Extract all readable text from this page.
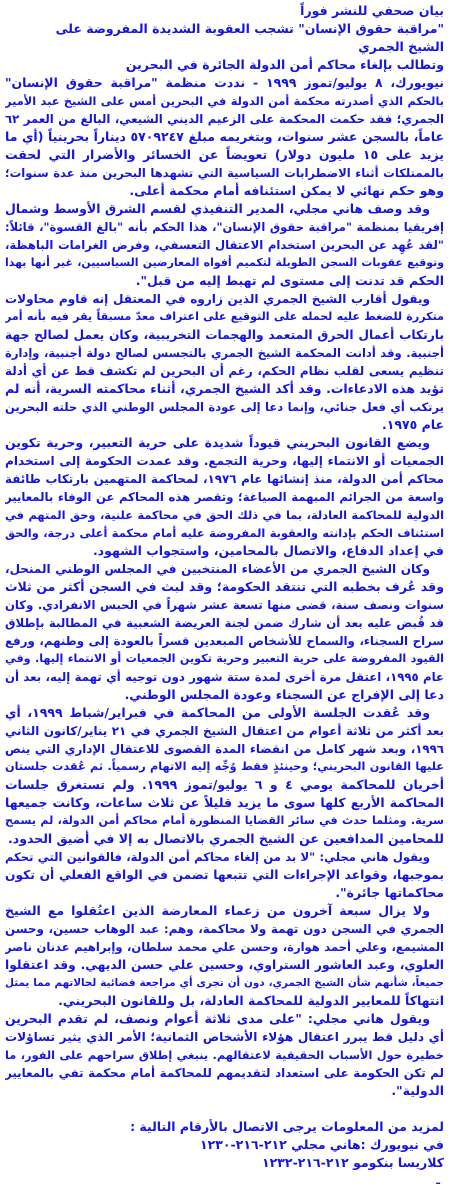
بيان صحفي للنشر فوراً
"مراقبة حقوق الإنسان" تشجب العقوبة الشديدة المفروضة على
الشيخ الجمري
وتطالب بإلغاء محاكم أمن الدولة الجائرة في البحرين
نيويورك، ٨ يوليو/تموز ١٩٩٩ - نددت منظمة "مراقبة حقوق الإنسان"
بالحكم الذي أصدرته محكمة أمن الدولة في البحرين أمس على الشيخ عبد الأمير
الجمري؛ فقد حكمت المحكمة على الزعيم الديني الشيعي، البالغ من العمر ٦٢
عاماً، بالسجن عشر سنوات، وبتغريمه مبلغ ٥٧٠٩٢٤٧ ديناراً بحرينياً (أي ما
يزيد على ١٥ مليون دولار) تعويضاً عن الخسائر والأضرار التي لحقت
بالممتلكات أثناء الاضطرابات السياسية التي تشهدها البحرين منذ عدة سنوات؛
وهو حكم نهائي لا يمكن استئنافه أمام محكمة أعلى.
وقد وصف هاني مجلي، المدير التنفيذي لقسم الشرق الأوسط وشمال
إفريقيا بمنظمة "مراقبة حقوق الإنسان"، هذا الحكم بأنه "بالغ القسوة"، قائلاً:
"لقد عُهِد عن البحرين استخدام الاعتقال التعسفي، وفرض الغرامات الباهظة،
وتوقيع عقوبات السجن الطويلة لتكميم أفواه المعارضين السياسيين، غير أنها بهذا
الحكم قد تدنت إلى مستوى لم تهبط إليه من قبل".
ويقول أقارب الشيخ الجمري الذين زاروه في المعتقل إنه قاوم محاولات
متكررة للضغط عليه لحمله على التوقيع على اعتراف معدّ مسبقاً يقر فيه بأنه أمر
بارتكاب أعمال الحرق المتعمد والهجمات التخريبية، وكان يعمل لصالح جهة
أجنبية. وقد أدانت المحكمة الشيخ الجمري بالتجسس لصالح دولة أجنبية، وإدارة
تنظيم يسعى لقلب نظام الحكم، رغم أن البحرين لم تكشف قط عن أي أدلة
تؤيد هذه الادعاءات. وقد أكد الشيخ الجمري، أثناء محاكمته السرية، أنه لم
يرتكب أي فعل جنائي، وإنما دعا إلى عودة المجلس الوطني الذي حلته البحرين
عام ١٩٧٥.
ويضع القانون البحريني قيوداً شديدة على حرية التعبير، وحرية تكوين
الجمعيات أو الانتماء إليها، وحرية التجمع. وقد عمدت الحكومة إلى استخدام
محاكم أمن الدولة، منذ إنشائها عام ١٩٧٦، لمحاكمة المتهمين بارتكاب طائفة
واسعة من الجرائم المبهمة الصياغة؛ وتقصر هذه المحاكم عن الوفاء بالمعايير
الدولية للمحاكمة العادلة، بما في ذلك الحق في محاكمة علنية، وحق المتهم في
استئناف الحكم بإدانته والعقوبة المفروضة عليه أمام محكمة أعلى درجة، والحق
في إعداد الدفاع، والاتصال بالمحامين، واستجواب الشهود.
وكان الشيخ الجمري من الأعضاء المنتخبين في المجلس الوطني المنحل،
وقد عُرف بخطبه التي تنتقد الحكومة؛ وقد لبث في السجن أكثر من ثلاث
سنوات ونصف سنة، قضى منها تسعة عشر شهراً في الحبس الانفرادي. وكان
قد قُبض عليه بعد أن شارك ضمن لجنة العريضة الشعبية في المطالبة بإطلاق
سراح السجناء، والسماح للأشخاص المبعدين قسراً بالعودة إلى وطنهم، ورفع
القيود المفروضة على حرية التعبير وحرية تكوين الجمعيات أو الانتماء إليها. وفي
عام ١٩٩٥، اعتقل مرة أخرى لمدة ستة شهور دون توجيه أي تهمة إليه، بعد أن
دعا إلى الإفراج عن السجناء وعودة المجلس الوطني.
وقد عُقدت الجلسة الأولى من المحاكمة في فبراير/شباط ١٩٩٩، أي
بعد أكثر من ثلاثة أعوام من اعتقال الشيخ الجمري في ٢١ يناير/كانون الثاني
١٩٩٦، وبعد شهر كامل من انقضاء المدة القصوى للاعتقال الإداري التي ينص
عليها القانون البحريني؛ وحينئذٍ فقط وُجِّه إليه الاتهام رسمياً. ثم عُقدت جلستان
أخريان للمحاكمة يومي ٤ و ٦ يوليو/تموز ١٩٩٩. ولم تستغرق جلسات
المحاكمة الأربع كلها سوى ما يزيد قليلاً عن ثلاث ساعات، وكانت جميعها
سرية. ومثلما حدث في سائر القضايا المنظورة أمام محاكم أمن الدولة، لم يسمح
للمحامين المدافعين عن الشيخ الجمري بالاتصال به إلا في أضيق الحدود.
ويقول هاني مجلي: "لا بد من إلغاء محاكم أمن الدولة، فالقوانين التي تحكم
بموجبها، وقواعد الإجراءات التي تتبعها تضمن في الواقع الفعلي أن تكون
محاكماتها جائرة".
ولا يزال سبعة آخرون من زعماء المعارضة الذين اعتُقلوا مع الشيخ
الجمري في السجن دون تهمة ولا محاكمة، وهم: عبد الوهاب حسين، وحسن
المشيمع، وعلي أحمد هوارة، وحسن علي محمد سلطان، وإبراهيم عدنان ناصر
العلوي، وعبد العاشور الستراوي، وحسين علي حسن الديهي. وقد اعتقلوا
جميعاً، شأنهم شأن الشيخ الجمري، دون أن تجرى أي مراجعة قضائية لحالاتهم مما يمثل
انتهاكاً للمعايير الدولية للمحاكمة العادلة، بل وللقانون البحريني.
ويقول هاني مجلي: "على مدى ثلاثة أعوام ونصف، لم تقدم البحرين
أي دليل قط يبرر اعتقال هؤلاء الأشخاص الثمانية؛ الأمر الذي يثير تساؤلات
خطيرة حول الأسباب الحقيقية لاعتقالهم. ينبغي إطلاق سراحهم على الفور، ما
لم تكن الحكومة على استعداد لتقديمهم للمحاكمة أمام محكمة تفي بالمعايير
الدولية".
لمزيد من المعلومات يرجى الاتصال بالأرقام التالية :
في نيويورك :هاني مجلي ٢١٢-٢١٦-١٢٣٠
كلاريسا بنكومو ٢١٢-٢١٦-١٢٣٢
ـ
